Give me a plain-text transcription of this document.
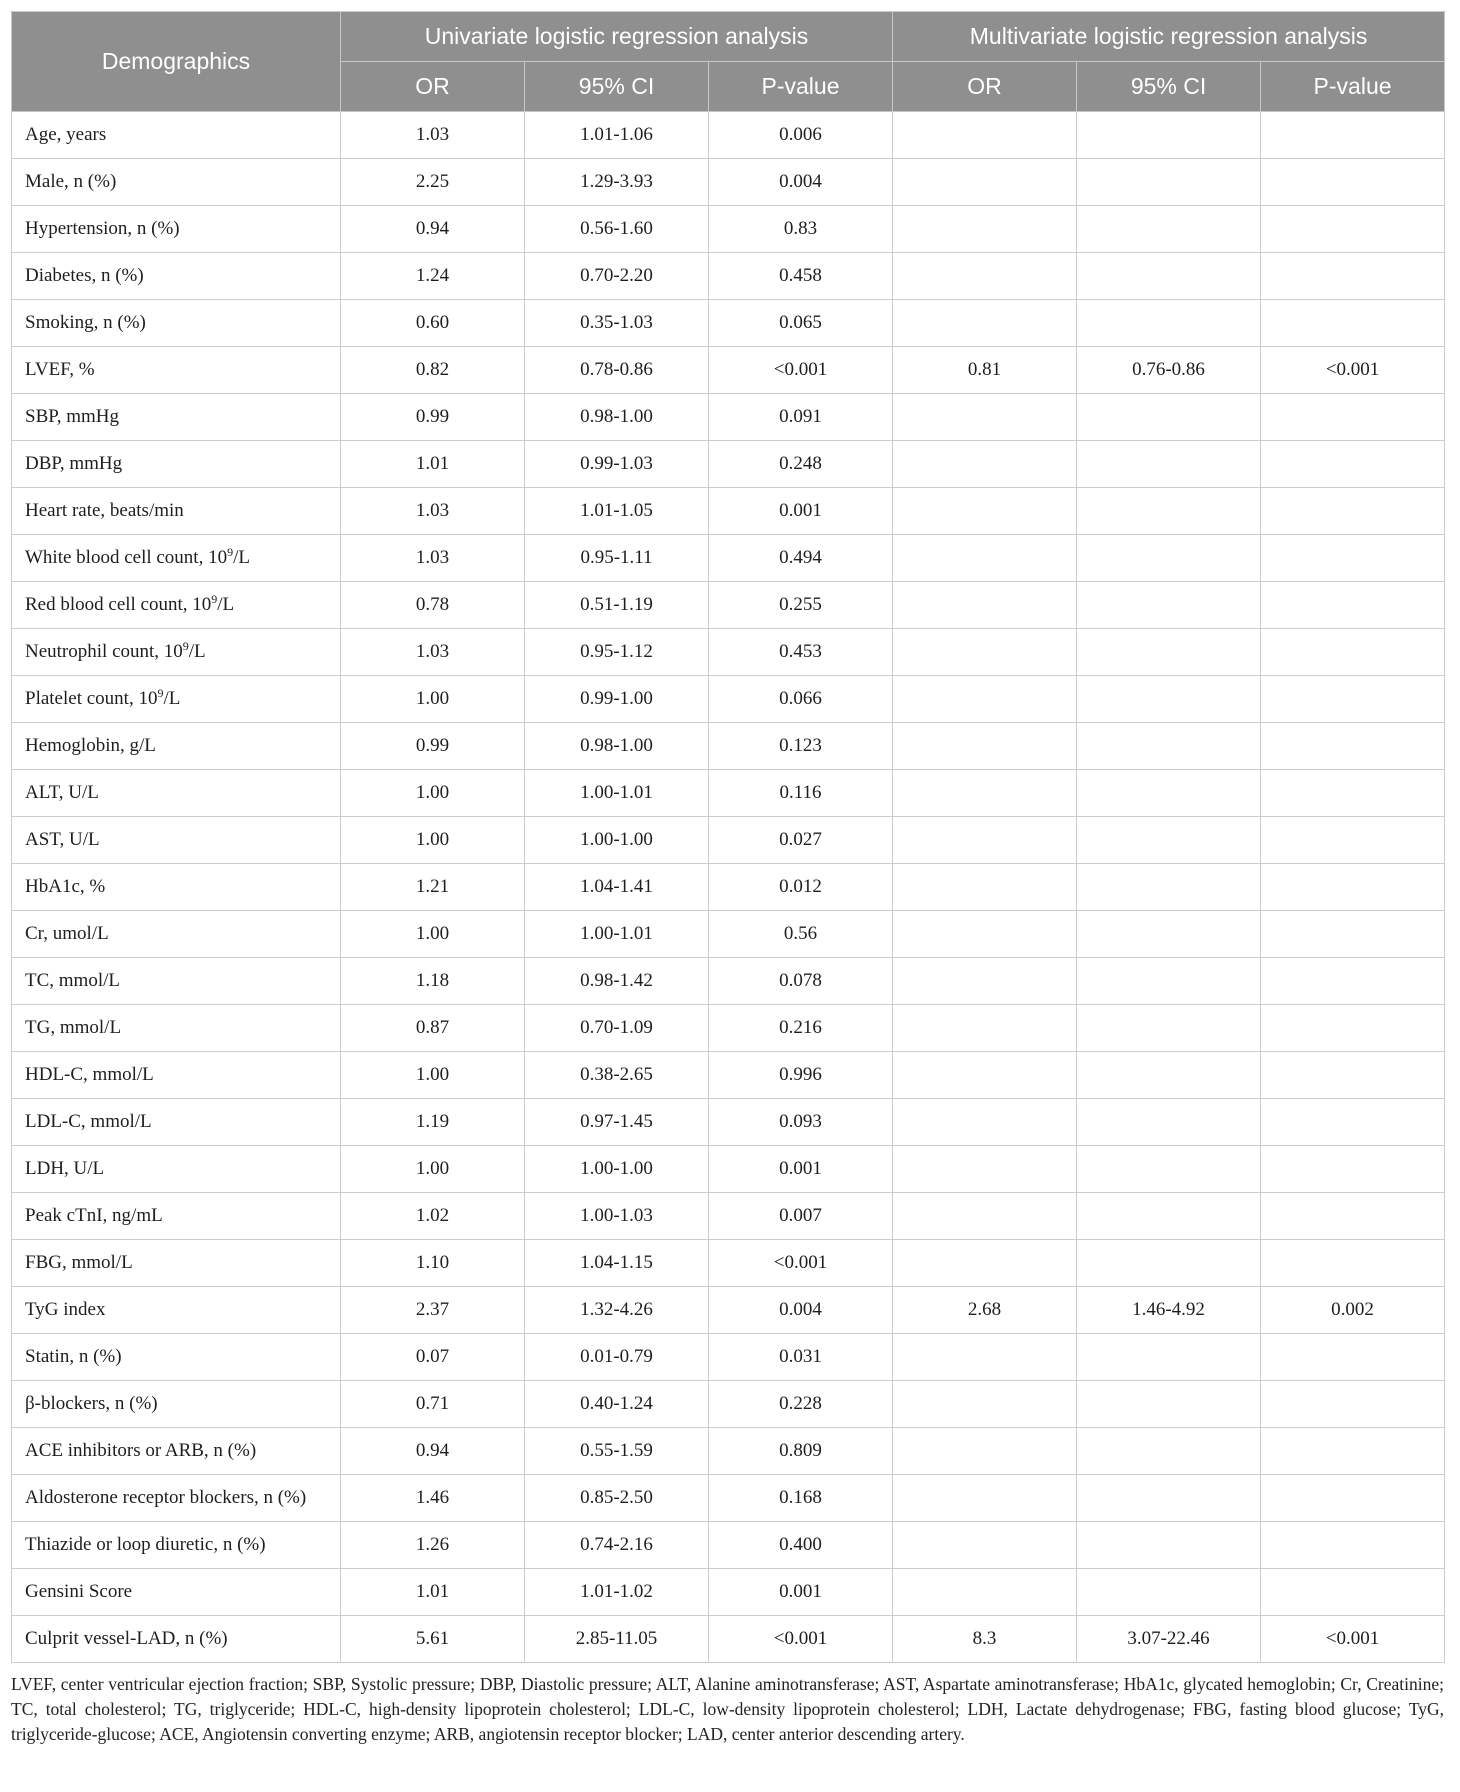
Demographics	Univariate logistic regression analysis			Multivariate logistic regression analysis		
	OR	95% CI	P-value	OR	95% CI	P-value
Age, years	1.03	1.01-1.06	0.006			
Male, n (%)	2.25	1.29-3.93	0.004			
Hypertension, n (%)	0.94	0.56-1.60	0.83			
Diabetes, n (%)	1.24	0.70-2.20	0.458			
Smoking, n (%)	0.60	0.35-1.03	0.065			
LVEF, %	0.82	0.78-0.86	<0.001	0.81	0.76-0.86	<0.001
SBP, mmHg	0.99	0.98-1.00	0.091			
DBP, mmHg	1.01	0.99-1.03	0.248			
Heart rate, beats/min	1.03	1.01-1.05	0.001			
White blood cell count, $10^9/L$	1.03	0.95-1.11	0.494			
Red blood cell count, $10^9/L$	0.78	0.51-1.19	0.255			
Neutrophil count, $10^9/L$	1.03	0.95-1.12	0.453			
Platelet count, $10^9/L$	1.00	0.99-1.00	0.066			
Hemoglobin, g/L	0.99	0.98-1.00	0.123			
ALT, U/L	1.00	1.00-1.01	0.116			
AST, U/L	1.00	1.00-1.00	0.027			
HbA1c, %	1.21	1.04-1.41	0.012			
Cr, umol/L	1.00	1.00-1.01	0.56			
TC, mmol/L	1.18	0.98-1.42	0.078			
TG, mmol/L	0.87	0.70-1.09	0.216			
HDL-C, mmol/L	1.00	0.38-2.65	0.996			
LDL-C, mmol/L	1.19	0.97-1.45	0.093			
LDH, U/L	1.00	1.00-1.00	0.001			
Peak cTnI, ng/mL	1.02	1.00-1.03	0.007			
FBG, mmol/L	1.10	1.04-1.15	<0.001			
TyG index	2.37	1.32-4.26	0.004	2.68	1.46-4.92	0.002
Statin, n (%)	0.07	0.01-0.79	0.031			
β-blockers, n (%)	0.71	0.40-1.24	0.228			
ACE inhibitors or ARB, n (%)	0.94	0.55-1.59	0.809			
Aldosterone receptor blockers, n (%)	1.46	0.85-2.50	0.168			
Thiazide or loop diuretic, n (%)	1.26	0.74-2.16	0.400			
Gensini Score	1.01	1.01-1.02	0.001			
Culprit vessel-LAD, n (%)	5.61	2.85-11.05	<0.001	8.3	3.07-22.46	<0.001
LVEF, center ventricular ejection fraction; SBP, Systolic pressure; DBP, Diastolic pressure; ALT, Alanine aminotransferase; AST, Aspartate aminotransferase; HbA1c, glycated hemoglobin; Cr, Creatinine; TC, total cholesterol; TG, triglyceride; HDL-C, high-density lipoprotein cholesterol; LDL-C, low-density lipoprotein cholesterol; LDH, Lactate dehydrogenase; FBG, fasting blood glucose; TyG, triglyceride-glucose; ACE, Angiotensin converting enzyme; ARB, angiotensin receptor blocker; LAD, center anterior descending artery.
